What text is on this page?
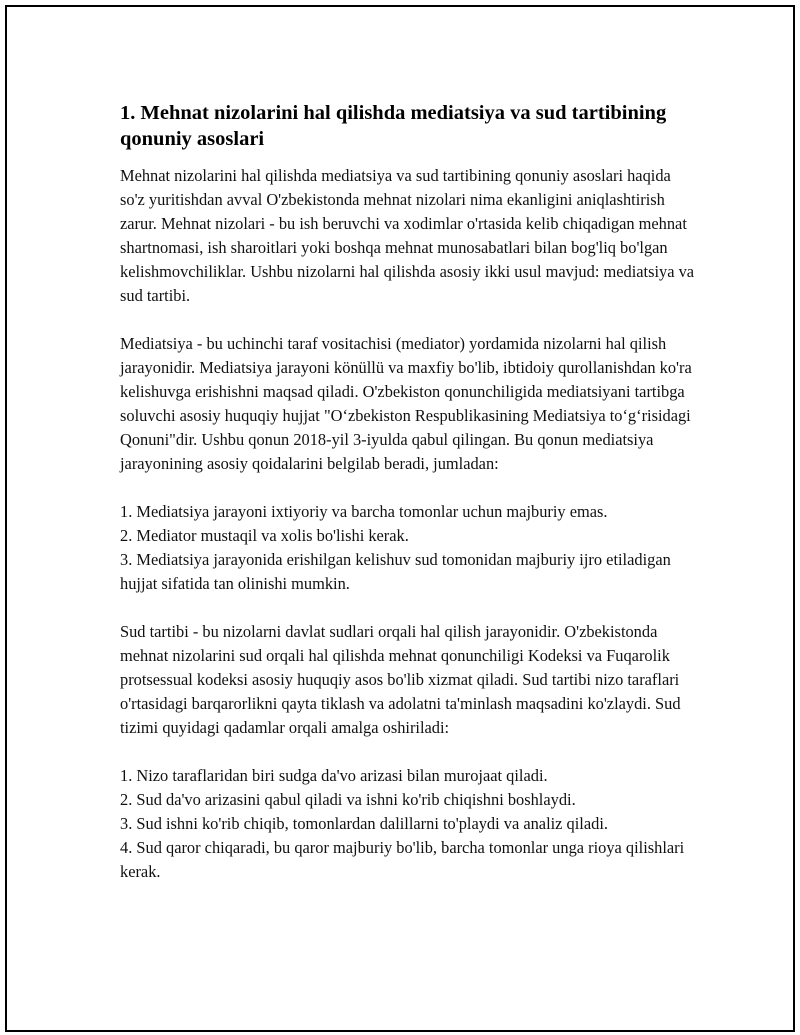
1. Mehnat nizolarini hal qilishda mediatsiya va sud tartibining qonuniy asoslari

Mehnat nizolarini hal qilishda mediatsiya va sud tartibining qonuniy asoslari haqida so'z yuritishdan avval O'zbekistonda mehnat nizolari nima ekanligini aniqlashtirish zarur. Mehnat nizolari - bu ish beruvchi va xodimlar o'rtasida kelib chiqadigan mehnat shartnomasi, ish sharoitlari yoki boshqa mehnat munosabatlari bilan bog'liq bo'lgan kelishmovchiliklar. Ushbu nizolarni hal qilishda asosiy ikki usul mavjud: mediatsiya va sud tartibi.

Mediatsiya - bu uchinchi taraf vositachisi (mediator) yordamida nizolarni hal qilish jarayonidir. Mediatsiya jarayoni könüllü va maxfiy bo'lib, ibtidoiy qurollanishdan ko'ra kelishuvga erishishni maqsad qiladi. O'zbekiston qonunchiligida mediatsiyani tartibga soluvchi asosiy huquqiy hujjat "O‘zbekiston Respublikasining Mediatsiya to‘g‘risidagi Qonuni"dir. Ushbu qonun 2018-yil 3-iyulda qabul qilingan. Bu qonun mediatsiya jarayonining asosiy qoidalarini belgilab beradi, jumladan:

1. Mediatsiya jarayoni ixtiyoriy va barcha tomonlar uchun majburiy emas.
2. Mediator mustaqil va xolis bo'lishi kerak.
3. Mediatsiya jarayonida erishilgan kelishuv sud tomonidan majburiy ijro etiladigan hujjat sifatida tan olinishi mumkin.

Sud tartibi - bu nizolarni davlat sudlari orqali hal qilish jarayonidir. O'zbekistonda mehnat nizolarini sud orqali hal qilishda mehnat qonunchiligi Kodeksi va Fuqarolik protsessual kodeksi asosiy huquqiy asos bo'lib xizmat qiladi. Sud tartibi nizo taraflari o'rtasidagi barqarorlikni qayta tiklash va adolatni ta'minlash maqsadini ko'zlaydi. Sud tizimi quyidagi qadamlar orqali amalga oshiriladi:

1. Nizo taraflaridan biri sudga da'vo arizasi bilan murojaat qiladi.
2. Sud da'vo arizasini qabul qiladi va ishni ko'rib chiqishni boshlaydi.
3. Sud ishni ko'rib chiqib, tomonlardan dalillarni to'playdi va analiz qiladi.
4. Sud qaror chiqaradi, bu qaror majburiy bo'lib, barcha tomonlar unga rioya qilishlari kerak.
